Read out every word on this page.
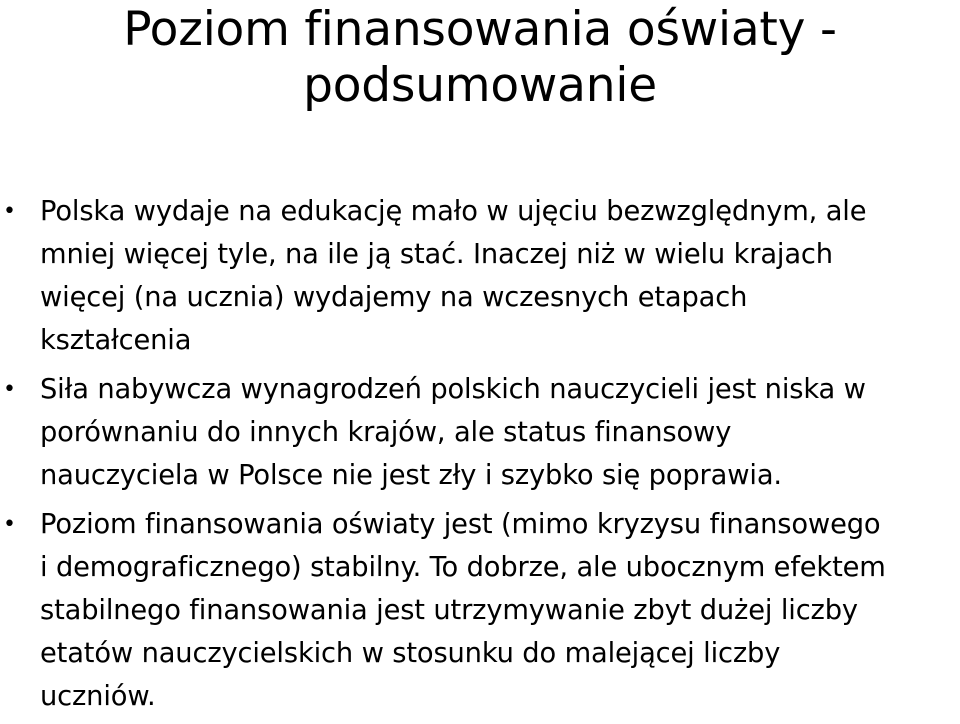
Poziom finansowania oświaty -
podsumowanie
• Polska wydaje na edukację mało w ujęciu bezwzględnym, ale
mniej więcej tyle, na ile ją stać. Inaczej niż w wielu krajach
więcej (na ucznia) wydajemy na wczesnych etapach
kształcenia
• Siła nabywcza wynagrodzeń polskich nauczycieli jest niska w
porównaniu do innych krajów, ale status finansowy
nauczyciela w Polsce nie jest zły i szybko się poprawia.
• Poziom finansowania oświaty jest (mimo kryzysu finansowego
i demograficznego) stabilny. To dobrze, ale ubocznym efektem
stabilnego finansowania jest utrzymywanie zbyt dużej liczby
etatów nauczycielskich w stosunku do malejącej liczby
uczniów.
